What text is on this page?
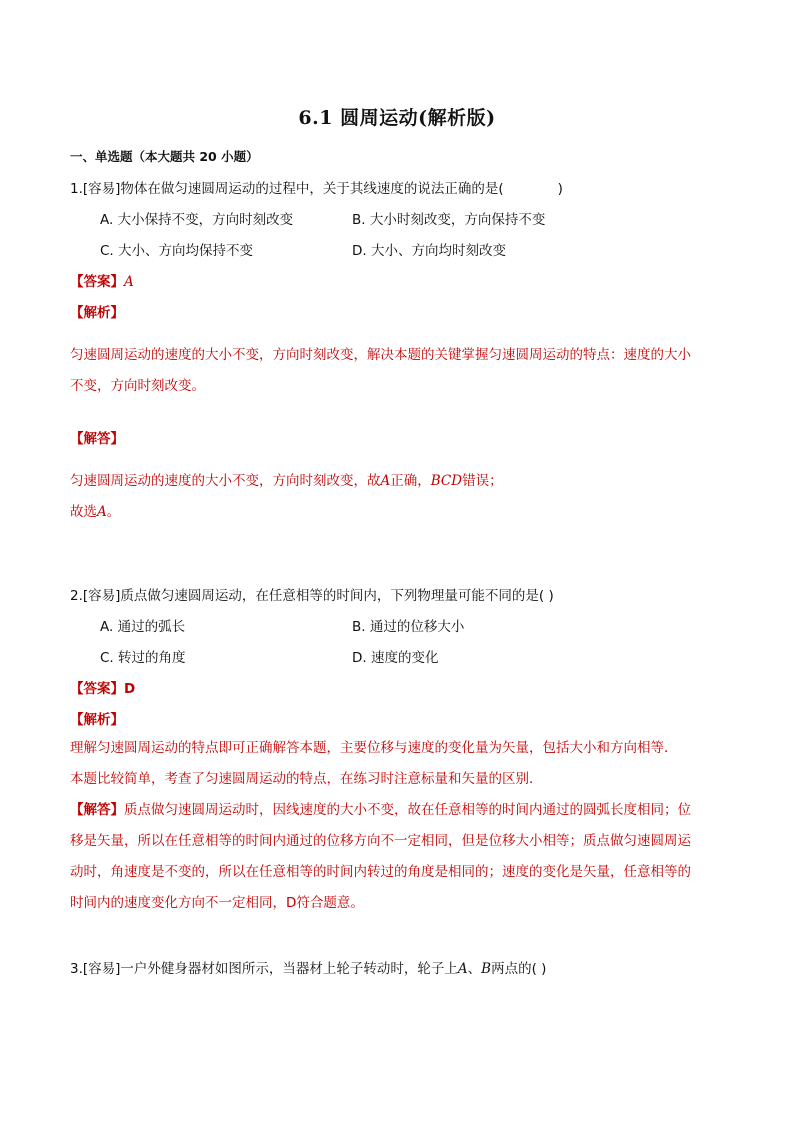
6.1 圆周运动(解析版)
一、单选题（本大题共 20 小题）
1.[容易]物体在做匀速圆周运动的过程中，关于其线速度的说法正确的是(　　　　)
A. 大小保持不变，方向时刻改变	B. 大小时刻改变，方向保持不变
C. 大小、方向均保持不变	D. 大小、方向均时刻改变
【答案】A
【解析】
匀速圆周运动的速度的大小不变，方向时刻改变，解决本题的关键掌握匀速圆周运动的特点：速度的大小
不变，方向时刻改变。
【解答】
匀速圆周运动的速度的大小不变，方向时刻改变，故A正确，BCD错误；
故选A。
2.[容易]质点做匀速圆周运动，在任意相等的时间内，下列物理量可能不同的是( )
A. 通过的弧长	B. 通过的位移大小
C. 转过的角度	D. 速度的变化
【答案】D
【解析】
理解匀速圆周运动的特点即可正确解答本题，主要位移与速度的变化量为矢量，包括大小和方向相等．
本题比较简单，考查了匀速圆周运动的特点，在练习时注意标量和矢量的区别．
【解答】质点做匀速圆周运动时，因线速度的大小不变，故在任意相等的时间内通过的圆弧长度相同；位
移是矢量，所以在任意相等的时间内通过的位移方向不一定相同，但是位移大小相等；质点做匀速圆周运
动时，角速度是不变的，所以在任意相等的时间内转过的角度是相同的；速度的变化是矢量，任意相等的
时间内的速度变化方向不一定相同，D符合题意。
3.[容易]一户外健身器材如图所示，当器材上轮子转动时，轮子上A、B两点的( )
